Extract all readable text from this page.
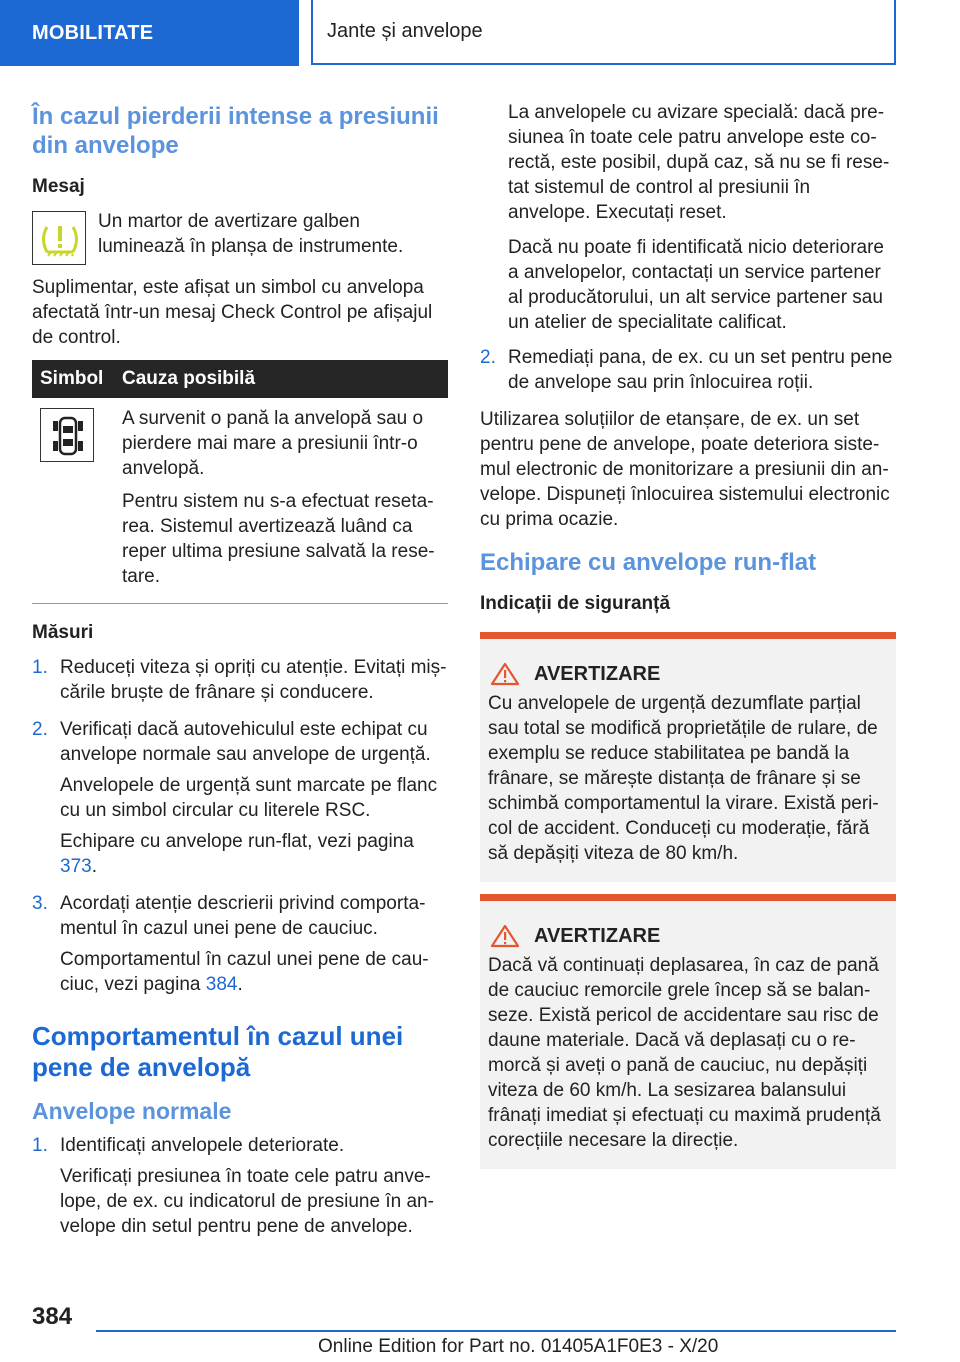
MOBILITATE	Jante și anvelope
În cazul pierderii intense a presiunii din anvelope
Mesaj

Un martor de avertizare galben luminează în planșa de instrumente.

Suplimentar, este afișat un simbol cu anvelopa afectată într-un mesaj Check Control pe afișajul de control.

Simbol	Cauza posibilă

A survenit o pană la anvelopă sau o pierdere mai mare a presiunii într-o anvelopă.

Pentru sistem nu s-a efectuat resetarea. Sistemul avertizează luând ca reper ultima presiune salvată la resetare.

Măsuri
1. Reduceți viteza și opriți cu atenție. Evitați mișcările bruște de frânare și conducere.

2. Verificați dacă autovehiculul este echipat cu anvelope normale sau anvelope de urgență.

Anvelopele de urgență sunt marcate pe flanc cu un simbol circular cu literele RSC.

Echipare cu anvelope run-flat, vezi pagina 373.

3. Acordați atenție descrierii privind comportamentul în cazul unei pene de cauciuc.

Comportamentul în cazul unei pene de cauciuc, vezi pagina 384.

Comportamentul în cazul unei pene de anvelopă
Anvelope normale
1. Identificați anvelopele deteriorate.

Verificați presiunea în toate cele patru anvelope, de ex. cu indicatorul de presiune în anvelope din setul pentru pene de anvelope.

La anvelopele cu avizare specială: dacă presiunea în toate cele patru anvelope este corectă, este posibil, după caz, să nu se fi resetat sistemul de control al presiunii în anvelope. Executați reset.

Dacă nu poate fi identificată nicio deteriorare a anvelopelor, contactați un service partener al producătorului, un alt service partener sau un atelier de specialitate calificat.

2. Remediați pana, de ex. cu un set pentru pene de anvelope sau prin înlocuirea roții.

Utilizarea soluțiilor de etanșare, de ex. un set pentru pene de anvelope, poate deteriora sistemul electronic de monitorizare a presiunii din anvelope. Dispuneți înlocuirea sistemului electronic cu prima ocazie.

Echipare cu anvelope run-flat
Indicații de siguranță
AVERTIZARE

Cu anvelopele de urgență dezumflate parțial sau total se modifică proprietățile de rulare, de exemplu se reduce stabilitatea pe bandă la frânare, se mărește distanța de frânare și se schimbă comportamentul la virare. Există pericol de accident. Conduceți cu moderație, fără să depășiți viteza de 80 km/h.

AVERTIZARE

Dacă vă continuați deplasarea, în caz de pană de cauciuc remorcile grele încep să se balanseze. Există pericol de accidentare sau risc de daune materiale. Dacă vă deplasați cu o remorcă și aveți o pană de cauciuc, nu depășiți viteza de 60 km/h. La sesizarea balansului frânați imediat și efectuați cu maximă prudență corecțiile necesare la direcție.

384
Online Edition for Part no. 01405A1F0E3 - X/20
